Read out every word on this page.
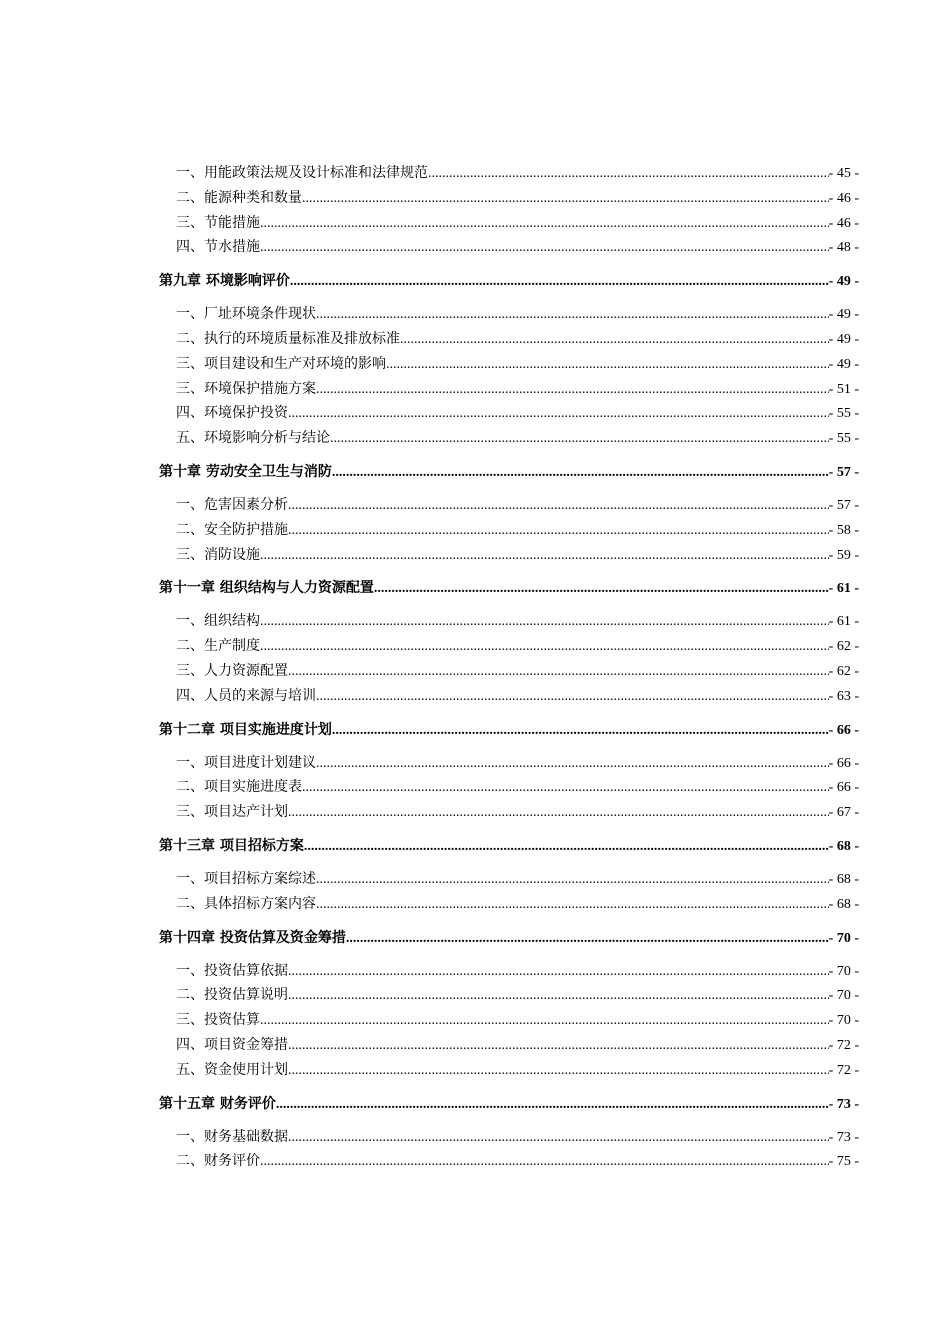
一、用能政策法规及设计标准和法律规范 .....	- 45 -
二、能源种类和数量 .....	- 46 -
三、节能措施 .....	- 46 -
四、节水措施 .....	- 48 -
第九章 环境影响评价 .....	- 49 -
一、厂址环境条件现状 .....	- 49 -
二、执行的环境质量标准及排放标准 .....	- 49 -
三、项目建设和生产对环境的影响 .....	- 49 -
三、环境保护措施方案 .....	- 51 -
四、环境保护投资 .....	- 55 -
五、环境影响分析与结论 .....	- 55 -
第十章 劳动安全卫生与消防 .....	- 57 -
一、危害因素分析 .....	- 57 -
二、安全防护措施 .....	- 58 -
三、消防设施 .....	- 59 -
第十一章 组织结构与人力资源配置 .....	- 61 -
一、组织结构 .....	- 61 -
二、生产制度 .....	- 62 -
三、人力资源配置 .....	- 62 -
四、人员的来源与培训 .....	- 63 -
第十二章 项目实施进度计划 .....	- 66 -
一、项目进度计划建议 .....	- 66 -
二、项目实施进度表 .....	- 66 -
三、项目达产计划 .....	- 67 -
第十三章 项目招标方案 .....	- 68 -
一、项目招标方案综述 .....	- 68 -
二、具体招标方案内容 .....	- 68 -
第十四章 投资估算及资金筹措 .....	- 70 -
一、投资估算依据 .....	- 70 -
二、投资估算说明 .....	- 70 -
三、投资估算 .....	- 70 -
四、项目资金筹措 .....	- 72 -
五、资金使用计划 .....	- 72 -
第十五章 财务评价 .....	- 73 -
一、财务基础数据 .....	- 73 -
二、财务评价 .....	- 75 -
